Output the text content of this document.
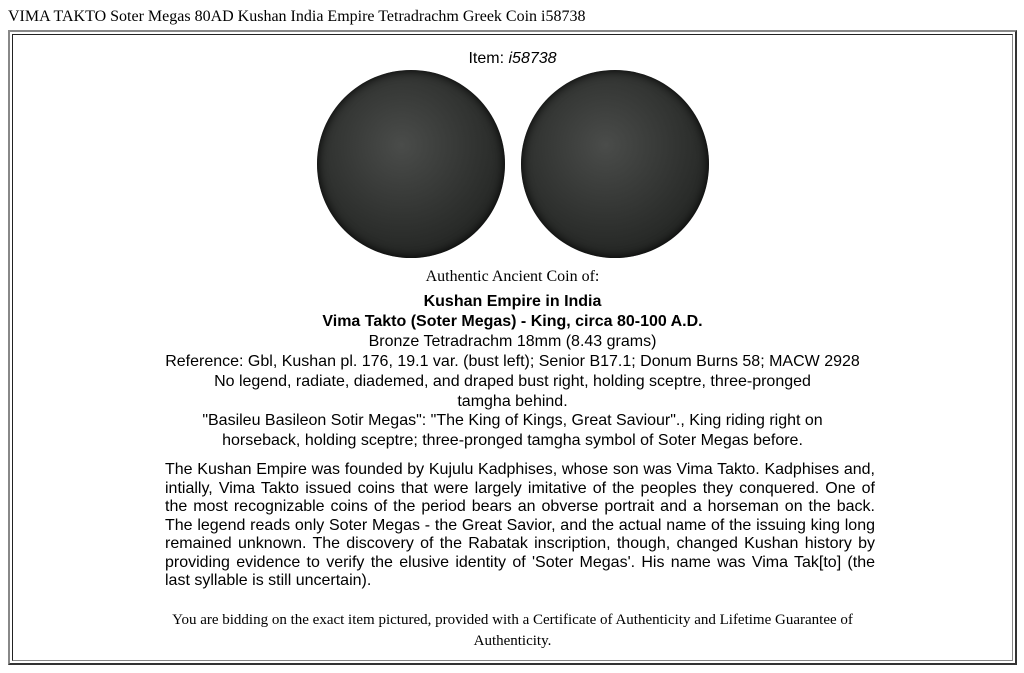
VIMA TAKTO Soter Megas 80AD Kushan India Empire Tetradrachm Greek Coin i58738
Item: i58738
Authentic Ancient Coin of:
Kushan Empire in India
Vima Takto (Soter Megas) - King, circa 80-100 A.D.
Bronze Tetradrachm 18mm (8.43 grams)
Reference: Gbl, Kushan pl. 176, 19.1 var. (bust left); Senior B17.1; Donum Burns 58; MACW 2928
No legend, radiate, diademed, and draped bust right, holding sceptre, three-pronged tamgha behind.
"Basileu Basileon Sotir Megas": "The King of Kings, Great Saviour"., King riding right on horseback, holding sceptre; three-pronged tamgha symbol of Soter Megas before.
The Kushan Empire was founded by Kujulu Kadphises, whose son was Vima Takto. Kadphises and, intially, Vima Takto issued coins that were largely imitative of the peoples they conquered. One of the most recognizable coins of the period bears an obverse portrait and a horseman on the back. The legend reads only Soter Megas - the Great Savior, and the actual name of the issuing king long remained unknown. The discovery of the Rabatak inscription, though, changed Kushan history by providing evidence to verify the elusive identity of 'Soter Megas'. His name was Vima Tak[to] (the last syllable is still uncertain).
You are bidding on the exact item pictured, provided with a Certificate of Authenticity and Lifetime Guarantee of Authenticity.
